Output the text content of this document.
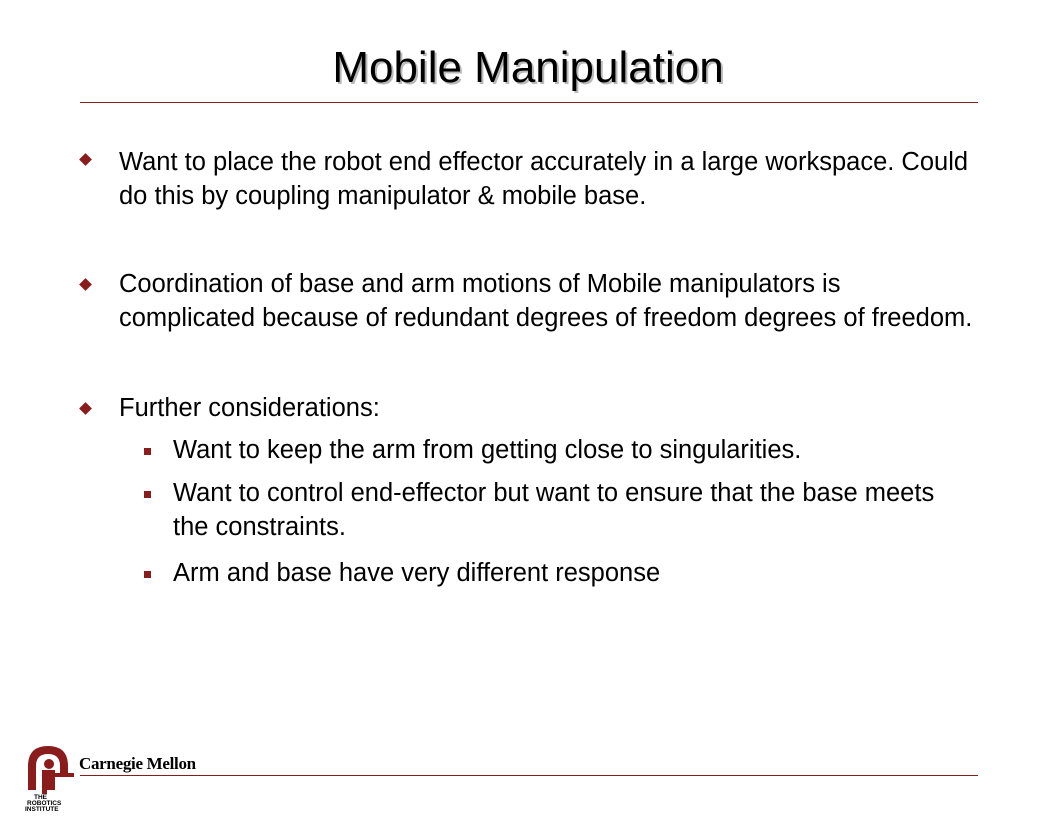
Mobile Manipulation
Want to place the robot end effector accurately in a large workspace. Could do this by coupling manipulator & mobile base.
Coordination of base and arm motions of Mobile manipulators is complicated because of redundant degrees of freedom degrees of freedom.
Further considerations:
Want to keep the arm from getting close to singularities.
Want to control end-effector but want to ensure that the base meets the constraints.
Arm and base have very different response
THE
ROBOTICS
INSTITUTE
Carnegie Mellon
